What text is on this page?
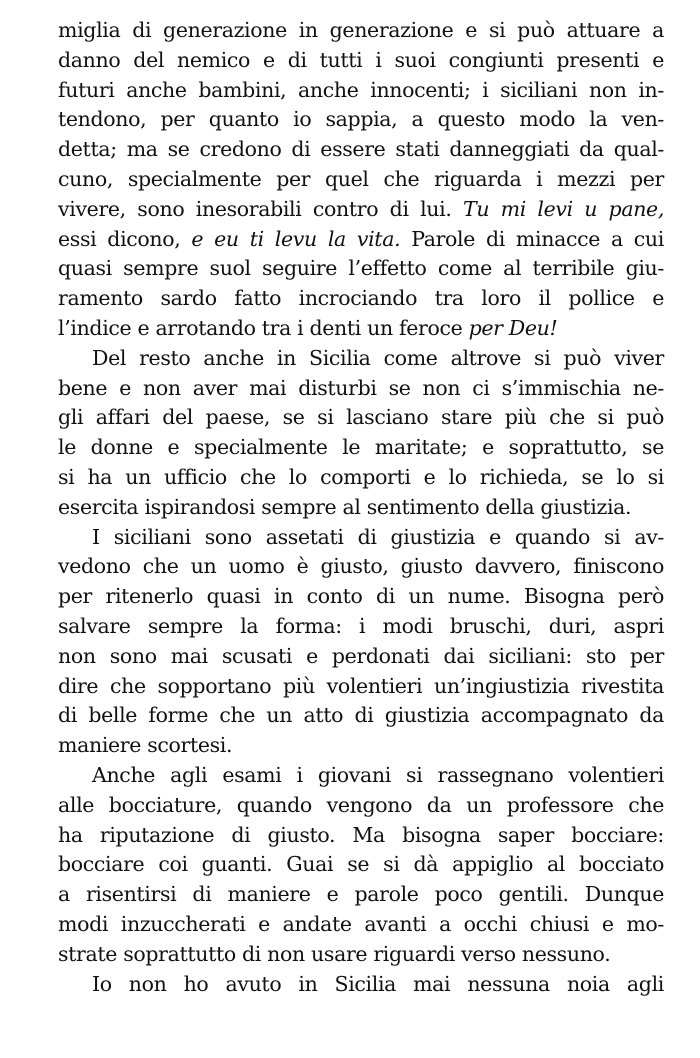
miglia di generazione in generazione e si può attuare a
danno del nemico e di tutti i suoi congiunti presenti e
futuri anche bambini, anche innocenti; i siciliani non in-
tendono, per quanto io sappia, a questo modo la ven-
detta; ma se credono di essere stati danneggiati da qual-
cuno, specialmente per quel che riguarda i mezzi per
vivere, sono inesorabili contro di lui. Tu mi levi u pane,
essi dicono, e eu ti levu la vita. Parole di minacce a cui
quasi sempre suol seguire l’effetto come al terribile giu-
ramento sardo fatto incrociando tra loro il pollice e
l’indice e arrotando tra i denti un feroce per Deu!
Del resto anche in Sicilia come altrove si può viver
bene e non aver mai disturbi se non ci s’immischia ne-
gli affari del paese, se si lasciano stare più che si può
le donne e specialmente le maritate; e soprattutto, se
si ha un ufficio che lo comporti e lo richieda, se lo si
esercita ispirandosi sempre al sentimento della giustizia.
I siciliani sono assetati di giustizia e quando si av-
vedono che un uomo è giusto, giusto davvero, finiscono
per ritenerlo quasi in conto di un nume. Bisogna però
salvare sempre la forma: i modi bruschi, duri, aspri
non sono mai scusati e perdonati dai siciliani: sto per
dire che sopportano più volentieri un’ingiustizia rivestita
di belle forme che un atto di giustizia accompagnato da
maniere scortesi.
Anche agli esami i giovani si rassegnano volentieri
alle bocciature, quando vengono da un professore che
ha riputazione di giusto. Ma bisogna saper bocciare:
bocciare coi guanti. Guai se si dà appiglio al bocciato
a risentirsi di maniere e parole poco gentili. Dunque
modi inzuccherati e andate avanti a occhi chiusi e mo-
strate soprattutto di non usare riguardi verso nessuno.
Io non ho avuto in Sicilia mai nessuna noia agli
